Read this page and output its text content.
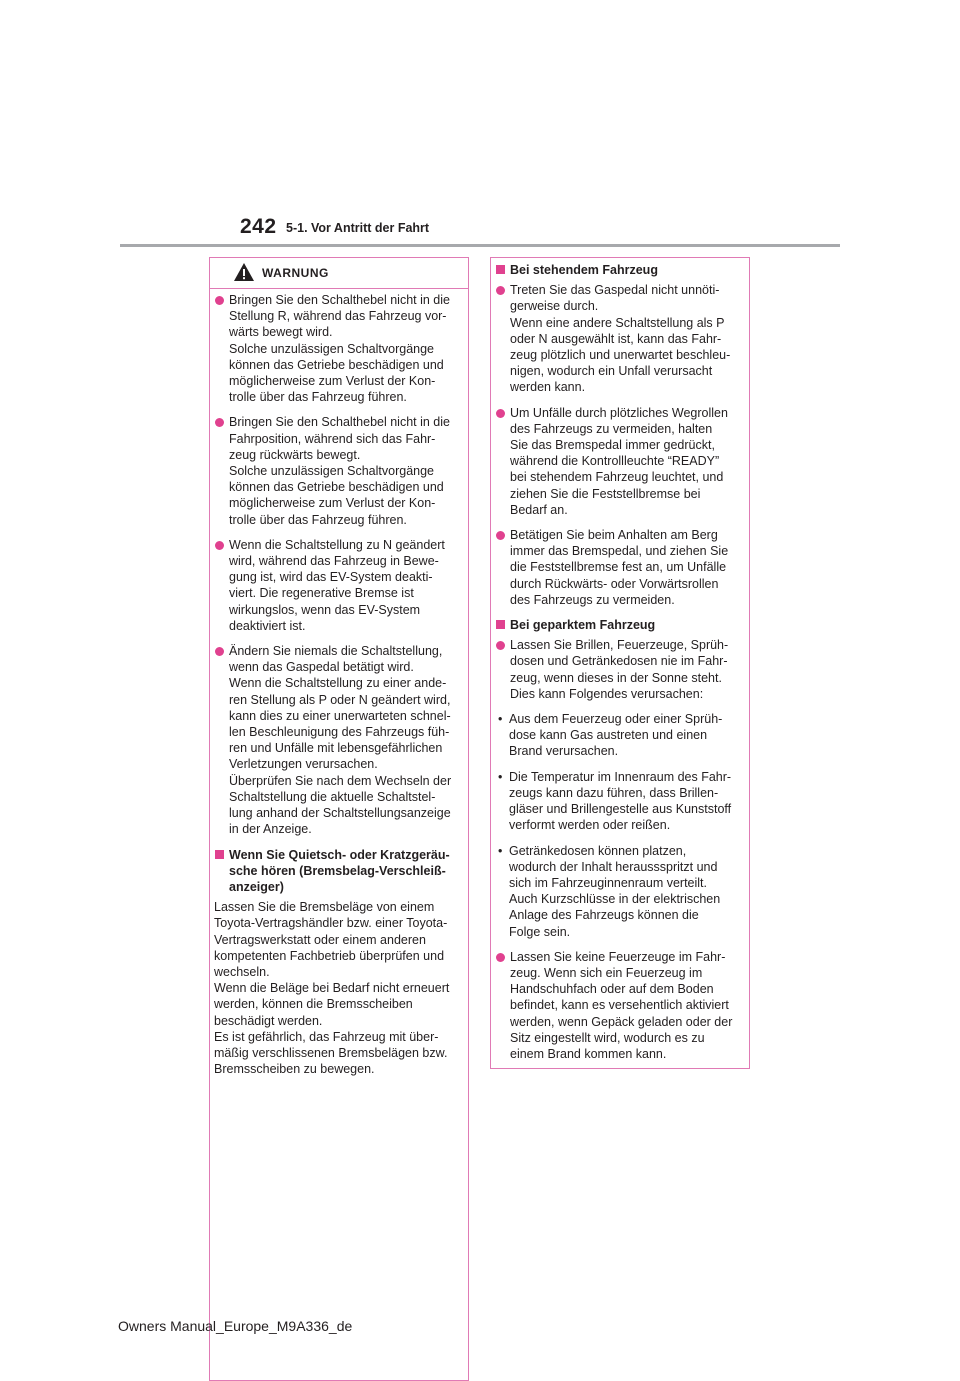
242 5-1. Vor Antritt der Fahrt
WARNUNG
Bringen Sie den Schalthebel nicht in die
Stellung R, während das Fahrzeug vor-
wärts bewegt wird.
Solche unzulässigen Schaltvorgänge
können das Getriebe beschädigen und
möglicherweise zum Verlust der Kon-
trolle über das Fahrzeug führen.
Bringen Sie den Schalthebel nicht in die
Fahrposition, während sich das Fahr-
zeug rückwärts bewegt.
Solche unzulässigen Schaltvorgänge
können das Getriebe beschädigen und
möglicherweise zum Verlust der Kon-
trolle über das Fahrzeug führen.
Wenn die Schaltstellung zu N geändert
wird, während das Fahrzeug in Bewe-
gung ist, wird das EV-System deakti-
viert. Die regenerative Bremse ist
wirkungslos, wenn das EV-System
deaktiviert ist.
Ändern Sie niemals die Schaltstellung,
wenn das Gaspedal betätigt wird.
Wenn die Schaltstellung zu einer ande-
ren Stellung als P oder N geändert wird,
kann dies zu einer unerwarteten schnel-
len Beschleunigung des Fahrzeugs füh-
ren und Unfälle mit lebensgefährlichen
Verletzungen verursachen.
Überprüfen Sie nach dem Wechseln der
Schaltstellung die aktuelle Schaltstel-
lung anhand der Schaltstellungsanzeige
in der Anzeige.
Wenn Sie Quietsch- oder Kratzgeräu-
sche hören (Bremsbelag-Verschleiß-
anzeiger)
Lassen Sie die Bremsbeläge von einem
Toyota-Vertragshändler bzw. einer Toyota-
Vertragswerkstatt oder einem anderen
kompetenten Fachbetrieb überprüfen und
wechseln.
Wenn die Beläge bei Bedarf nicht erneuert
werden, können die Bremsscheiben
beschädigt werden.
Es ist gefährlich, das Fahrzeug mit über-
mäßig verschlissenen Bremsbelägen bzw.
Bremsscheiben zu bewegen.
Bei stehendem Fahrzeug
Treten Sie das Gaspedal nicht unnöti-
gerweise durch.
Wenn eine andere Schaltstellung als P
oder N ausgewählt ist, kann das Fahr-
zeug plötzlich und unerwartet beschleu-
nigen, wodurch ein Unfall verursacht
werden kann.
Um Unfälle durch plötzliches Wegrollen
des Fahrzeugs zu vermeiden, halten
Sie das Bremspedal immer gedrückt,
während die Kontrollleuchte “READY”
bei stehendem Fahrzeug leuchtet, und
ziehen Sie die Feststellbremse bei
Bedarf an.
Betätigen Sie beim Anhalten am Berg
immer das Bremspedal, und ziehen Sie
die Feststellbremse fest an, um Unfälle
durch Rückwärts- oder Vorwärtsrollen
des Fahrzeugs zu vermeiden.
Bei geparktem Fahrzeug
Lassen Sie Brillen, Feuerzeuge, Sprüh-
dosen und Getränkedosen nie im Fahr-
zeug, wenn dieses in der Sonne steht.
Dies kann Folgendes verursachen:
• Aus dem Feuerzeug oder einer Sprüh-
dose kann Gas austreten und einen
Brand verursachen.
• Die Temperatur im Innenraum des Fahr-
zeugs kann dazu führen, dass Brillen-
gläser und Brillengestelle aus Kunststoff
verformt werden oder reißen.
• Getränkedosen können platzen,
wodurch der Inhalt heraussspritzt und
sich im Fahrzeuginnenraum verteilt.
Auch Kurzschlüsse in der elektrischen
Anlage des Fahrzeugs können die
Folge sein.
Lassen Sie keine Feuerzeuge im Fahr-
zeug. Wenn sich ein Feuerzeug im
Handschuhfach oder auf dem Boden
befindet, kann es versehentlich aktiviert
werden, wenn Gepäck geladen oder der
Sitz eingestellt wird, wodurch es zu
einem Brand kommen kann.
Owners Manual_Europe_M9A336_de
